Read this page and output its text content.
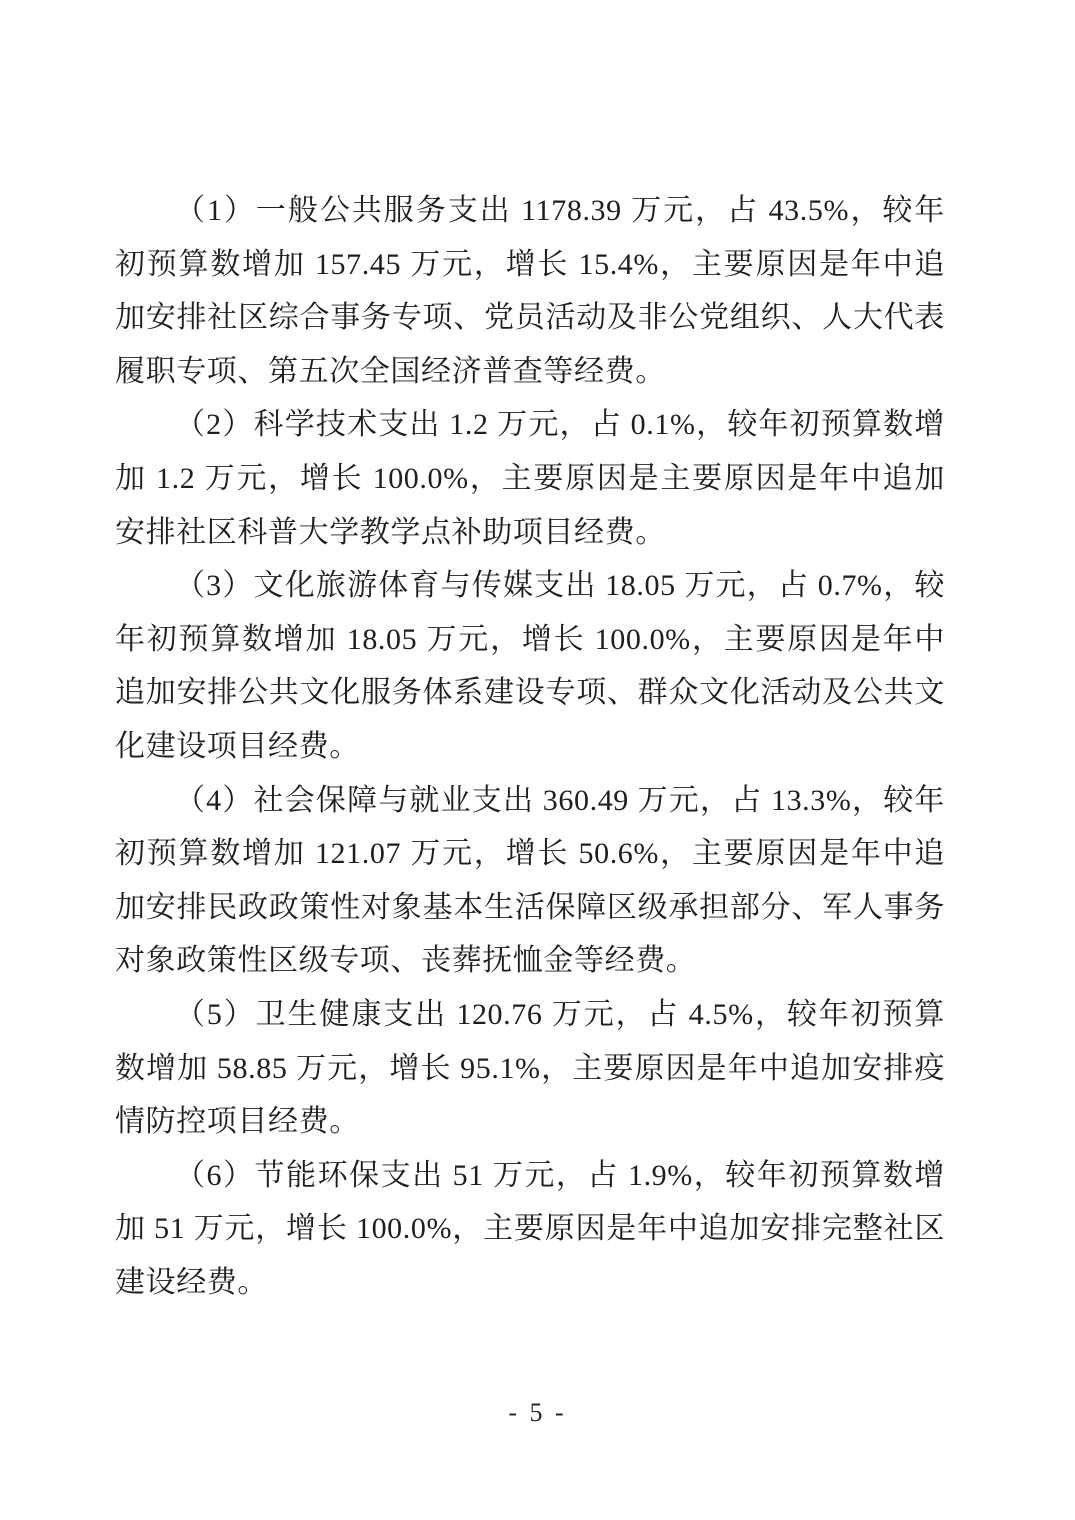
（1）一般公共服务支出 1178.39 万元，占 43.5%，较年初预算数增加 157.45 万元，增长 15.4%，主要原因是年中追加安排社区综合事务专项、党员活动及非公党组织、人大代表履职专项、第五次全国经济普查等经费。

（2）科学技术支出 1.2 万元，占 0.1%，较年初预算数增加 1.2 万元，增长 100.0%，主要原因是主要原因是年中追加安排社区科普大学教学点补助项目经费。

（3）文化旅游体育与传媒支出 18.05 万元，占 0.7%，较年初预算数增加 18.05 万元，增长 100.0%，主要原因是年中追加安排公共文化服务体系建设专项、群众文化活动及公共文化建设项目经费。

（4）社会保障与就业支出 360.49 万元，占 13.3%，较年初预算数增加 121.07 万元，增长 50.6%，主要原因是年中追加安排民政政策性对象基本生活保障区级承担部分、军人事务对象政策性区级专项、丧葬抚恤金等经费。

（5）卫生健康支出 120.76 万元，占 4.5%，较年初预算数增加 58.85 万元，增长 95.1%，主要原因是年中追加安排疫情防控项目经费。

（6）节能环保支出 51 万元，占 1.9%，较年初预算数增加 51 万元，增长 100.0%，主要原因是年中追加安排完整社区建设经费。

- 5 -
